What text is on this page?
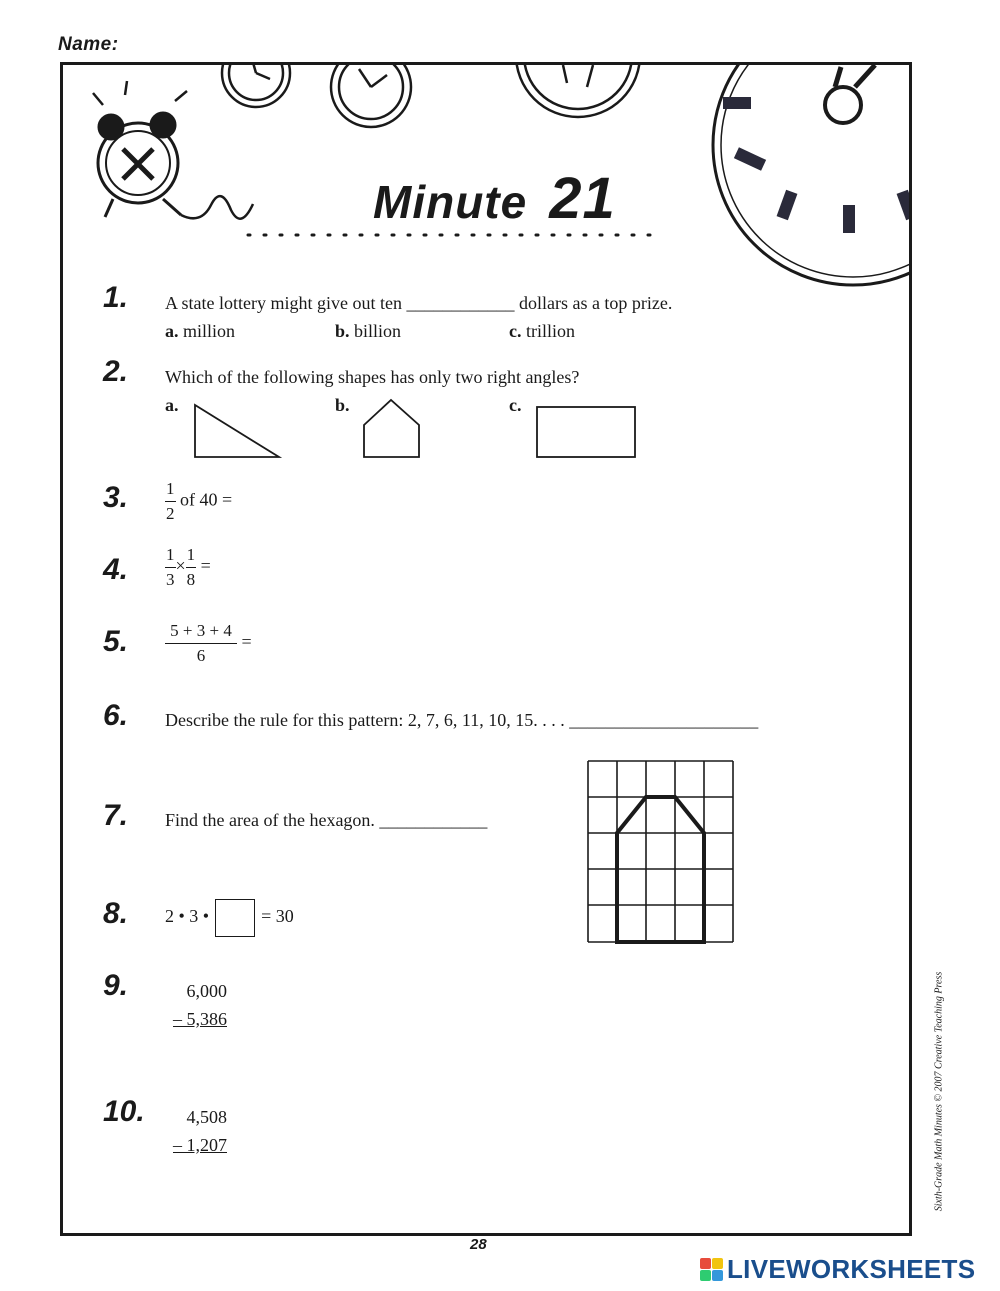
Name:
Minute 21
1.	A state lottery might give out ten ____________ dollars as a top prize.
a. million	b. billion	c. trillion
2.	Which of the following shapes has only two right angles?
a.	b.	c.
3.	$\frac{1}{2}$ of 40 =
4.	$\frac{1}{3} \times \frac{1}{8}$ =
5.	$\frac{5 + 3 + 4}{6}$ =
6.	Describe the rule for this pattern: 2, 7, 6, 11, 10, 15. . . . _____________________
7.	Find the area of the hexagon. ____________
8.	2 • 3 •	= 30
9.	6,000
– 5,386
10.	4,508
– 1,207	Sixth-Grade Math Minutes © 2007 Creative Teaching Press
28
LIVEWORKSHEETS
